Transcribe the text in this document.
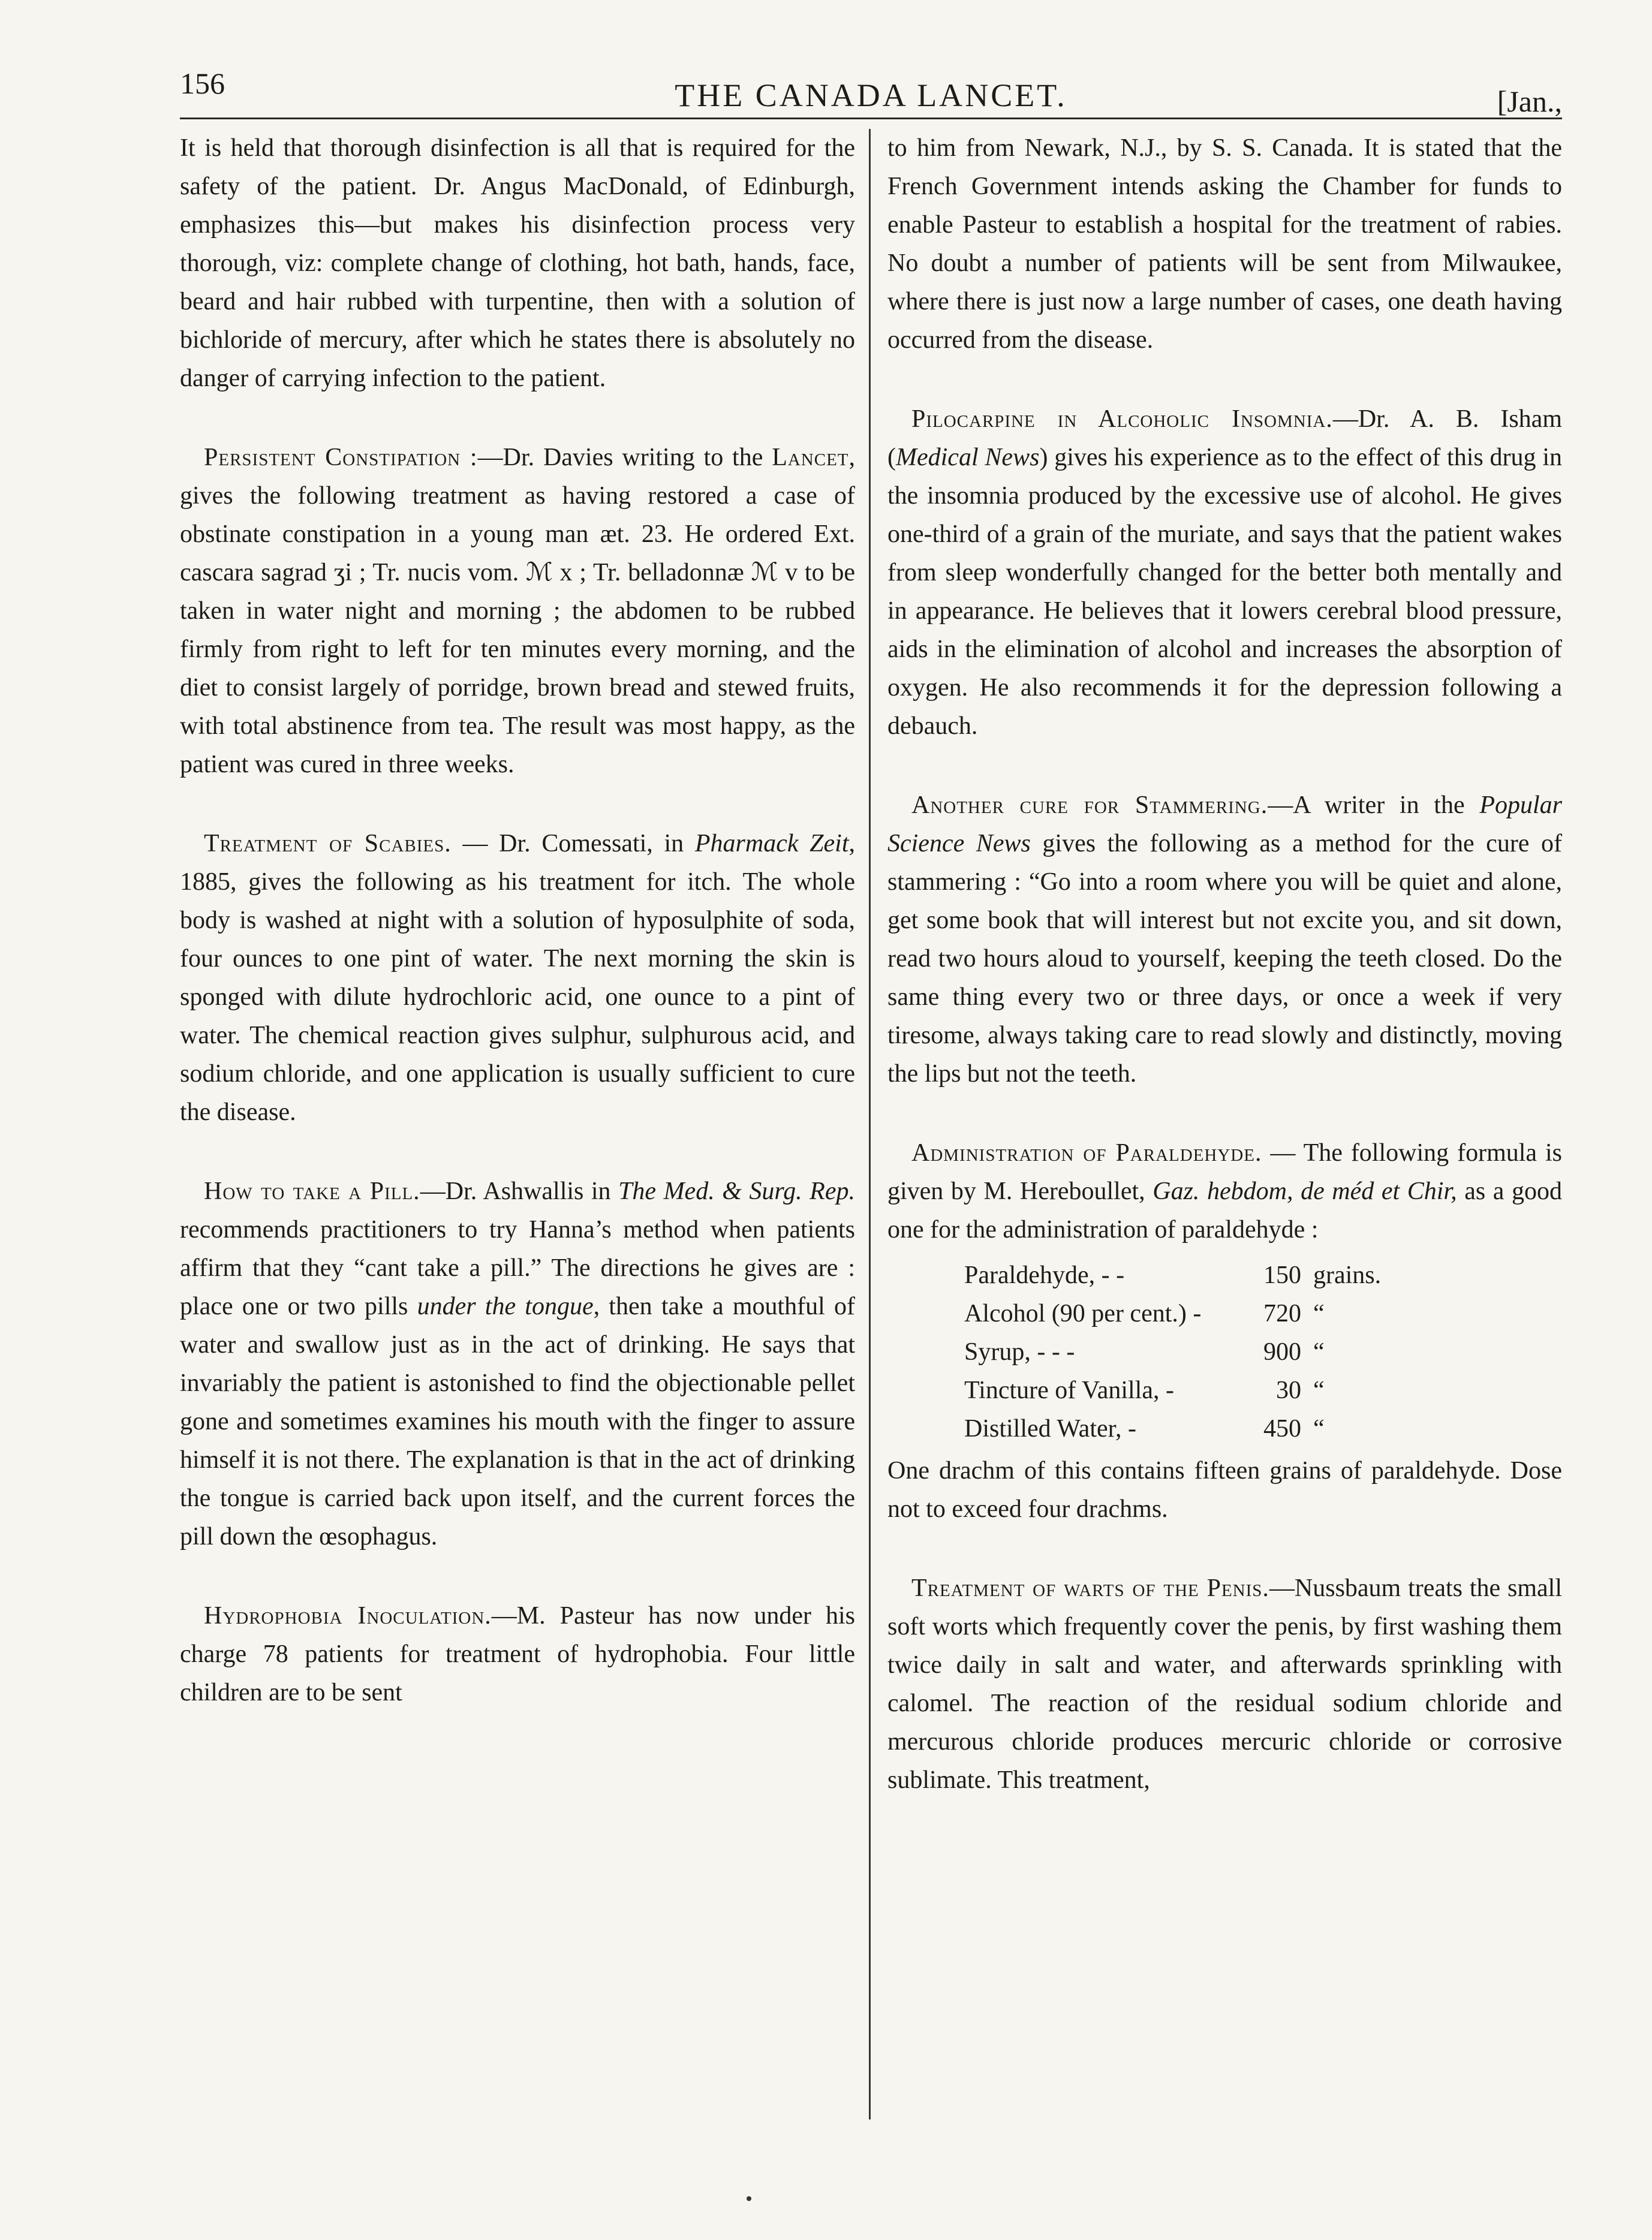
156	THE CANADA LANCET.	[Jan.,

It is held that thorough disinfection is all that is required for the safety of the patient. Dr. Angus MacDonald, of Edinburgh, emphasizes this—but makes his disinfection process very thorough, viz: complete change of clothing, hot bath, hands, face, beard and hair rubbed with turpentine, then with a solution of bichloride of mercury, after which he states there is absolutely no danger of carrying infection to the patient.

Persistent Constipation :—Dr. Davies writing to the Lancet, gives the following treatment as having restored a case of obstinate constipation in a young man æt. 23. He ordered Ext. cascara sagrad ʒi ; Tr. nucis vom. ℳ x ; Tr. belladonnæ ℳ v to be taken in water night and morning ; the abdomen to be rubbed firmly from right to left for ten minutes every morning, and the diet to consist largely of porridge, brown bread and stewed fruits, with total abstinence from tea. The result was most happy, as the patient was cured in three weeks.

Treatment of Scabies. — Dr. Comessati, in Pharmack Zeit, 1885, gives the following as his treatment for itch. The whole body is washed at night with a solution of hyposulphite of soda, four ounces to one pint of water. The next morning the skin is sponged with dilute hydrochloric acid, one ounce to a pint of water. The chemical reaction gives sulphur, sulphurous acid, and sodium chloride, and one application is usually sufficient to cure the disease.

How to take a Pill.—Dr. Ashwallis in The Med. & Surg. Rep. recommends practitioners to try Hanna’s method when patients affirm that they “cant take a pill.” The directions he gives are : place one or two pills under the tongue, then take a mouthful of water and swallow just as in the act of drinking. He says that invariably the patient is astonished to find the objectionable pellet gone and sometimes examines his mouth with the finger to assure himself it is not there. The explanation is that in the act of drinking the tongue is carried back upon itself, and the current forces the pill down the œsophagus.

Hydrophobia Inoculation.—M. Pasteur has now under his charge 78 patients for treatment of hydrophobia. Four little children are to be sent

to him from Newark, N.J., by S. S. Canada. It is stated that the French Government intends asking the Chamber for funds to enable Pasteur to establish a hospital for the treatment of rabies. No doubt a number of patients will be sent from Milwaukee, where there is just now a large number of cases, one death having occurred from the disease.

Pilocarpine in Alcoholic Insomnia.—Dr. A. B. Isham (Medical News) gives his experience as to the effect of this drug in the insomnia produced by the excessive use of alcohol. He gives one-third of a grain of the muriate, and says that the patient wakes from sleep wonderfully changed for the better both mentally and in appearance. He believes that it lowers cerebral blood pressure, aids in the elimination of alcohol and increases the absorption of oxygen. He also recommends it for the depression following a debauch.

Another cure for Stammering.—A writer in the Popular Science News gives the following as a method for the cure of stammering : “Go into a room where you will be quiet and alone, get some book that will interest but not excite you, and sit down, read two hours aloud to yourself, keeping the teeth closed. Do the same thing every two or three days, or once a week if very tiresome, always taking care to read slowly and distinctly, moving the lips but not the teeth.

Administration of Paraldehyde. — The following formula is given by M. Hereboullet, Gaz. hebdom, de méd et Chir, as a good one for the administration of paraldehyde :

Paraldehyde, - -	150 grains.
Alcohol (90 per cent.) -	720 “
Syrup, - - -	900 “
Tincture of Vanilla, -	30 “
Distilled Water, -	450 “

One drachm of this contains fifteen grains of paraldehyde. Dose not to exceed four drachms.

Treatment of warts of the Penis.—Nussbaum treats the small soft worts which frequently cover the penis, by first washing them twice daily in salt and water, and afterwards sprinkling with calomel. The reaction of the residual sodium chloride and mercurous chloride produces mercuric chloride or corrosive sublimate. This treatment,
